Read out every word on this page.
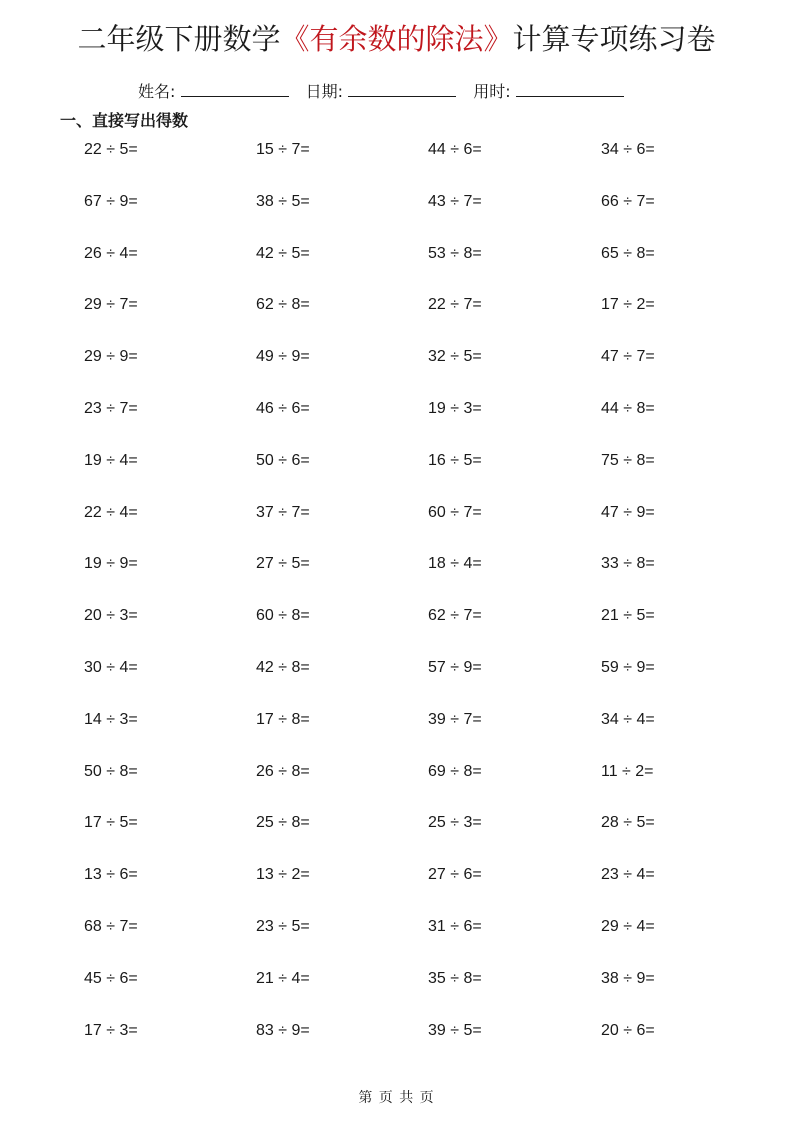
二年级下册数学《有余数的除法》计算专项练习卷
姓名:	日期:	用时:
一、直接写出得数
22 ÷ 5=	15 ÷ 7=	44 ÷ 6=	34 ÷ 6=
67 ÷ 9=	38 ÷ 5=	43 ÷ 7=	66 ÷ 7=
26 ÷ 4=	42 ÷ 5=	53 ÷ 8=	65 ÷ 8=
29 ÷ 7=	62 ÷ 8=	22 ÷ 7=	17 ÷ 2=
29 ÷ 9=	49 ÷ 9=	32 ÷ 5=	47 ÷ 7=
23 ÷ 7=	46 ÷ 6=	19 ÷ 3=	44 ÷ 8=
19 ÷ 4=	50 ÷ 6=	16 ÷ 5=	75 ÷ 8=
22 ÷ 4=	37 ÷ 7=	60 ÷ 7=	47 ÷ 9=
19 ÷ 9=	27 ÷ 5=	18 ÷ 4=	33 ÷ 8=
20 ÷ 3=	60 ÷ 8=	62 ÷ 7=	21 ÷ 5=
30 ÷ 4=	42 ÷ 8=	57 ÷ 9=	59 ÷ 9=
14 ÷ 3=	17 ÷ 8=	39 ÷ 7=	34 ÷ 4=
50 ÷ 8=	26 ÷ 8=	69 ÷ 8=	11 ÷ 2=
17 ÷ 5=	25 ÷ 8=	25 ÷ 3=	28 ÷ 5=
13 ÷ 6=	13 ÷ 2=	27 ÷ 6=	23 ÷ 4=
68 ÷ 7=	23 ÷ 5=	31 ÷ 6=	29 ÷ 4=
45 ÷ 6=	21 ÷ 4=	35 ÷ 8=	38 ÷ 9=
17 ÷ 3=	83 ÷ 9=	39 ÷ 5=	20 ÷ 6=
第 页 共 页
